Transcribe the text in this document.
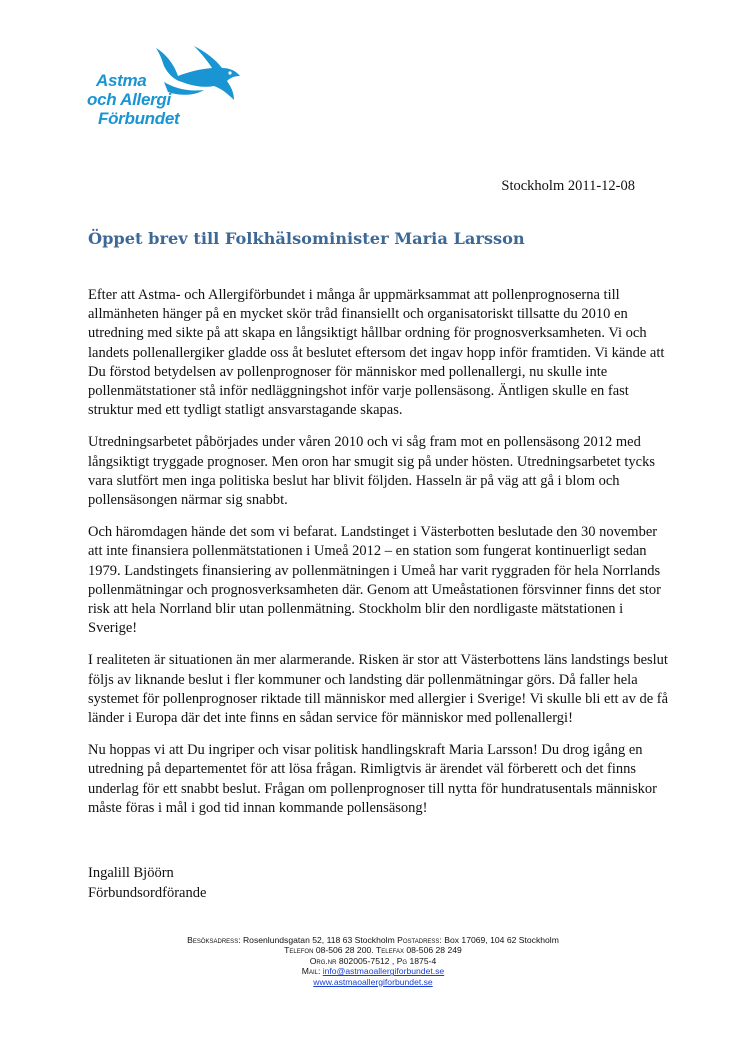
Astma
och Allergi
Förbundet
Stockholm 2011-12-08
Öppet brev till Folkhälsominister Maria Larsson

Efter att Astma- och Allergiförbundet i många år uppmärksammat att pollenprognoserna till allmänheten hänger på en mycket skör tråd finansiellt och organisatoriskt tillsatte du 2010 en utredning med sikte på att skapa en långsiktigt hållbar ordning för prognosverksamheten. Vi och landets pollenallergiker gladde oss åt beslutet eftersom det ingav hopp inför framtiden. Vi kände att Du förstod betydelsen av pollenprognoser för människor med pollenallergi, nu skulle inte pollenmätstationer stå inför nedläggningshot inför varje pollensäsong. Äntligen skulle en fast struktur med ett tydligt statligt ansvarstagande skapas.

Utredningsarbetet påbörjades under våren 2010 och vi såg fram mot en pollensäsong 2012 med långsiktigt tryggade prognoser. Men oron har smugit sig på under hösten. Utredningsarbetet tycks vara slutfört men inga politiska beslut har blivit följden. Hasseln är på väg att gå i blom och pollensäsongen närmar sig snabbt.

Och häromdagen hände det som vi befarat. Landstinget i Västerbotten beslutade den 30 november att inte finansiera pollenmätstationen i Umeå 2012 – en station som fungerat kontinuerligt sedan 1979. Landstingets finansiering av pollenmätningen i Umeå har varit ryggraden för hela Norrlands pollenmätningar och prognosverksamheten där. Genom att Umeåstationen försvinner finns det stor risk att hela Norrland blir utan pollenmätning. Stockholm blir den nordligaste mätstationen i Sverige!

I realiteten är situationen än mer alarmerande. Risken är stor att Västerbottens läns landstings beslut följs av liknande beslut i fler kommuner och landsting där pollenmätningar görs. Då faller hela systemet för pollenprognoser riktade till människor med allergier i Sverige! Vi skulle bli ett av de få länder i Europa där det inte finns en sådan service för människor med pollenallergi!

Nu hoppas vi att Du ingriper och visar politisk handlingskraft Maria Larsson! Du drog igång en utredning på departementet för att lösa frågan. Rimligtvis är ärendet väl förberett och det finns underlag för ett snabbt beslut. Frågan om pollenprognoser till nytta för hundratusentals människor måste föras i mål i god tid innan kommande pollensäsong!

Ingalill Bjöörn
Förbundsordförande
Besöksadress: Rosenlundsgatan 52, 118 63 Stockholm Postadress: Box 17069, 104 62 Stockholm
Telefon 08-506 28 200. Telefax 08-506 28 249
Org.nr 802005-7512 , Pg 1875-4
Mail: info@astmaoallergiforbundet.se
www.astmaoallergiforbundet.se
